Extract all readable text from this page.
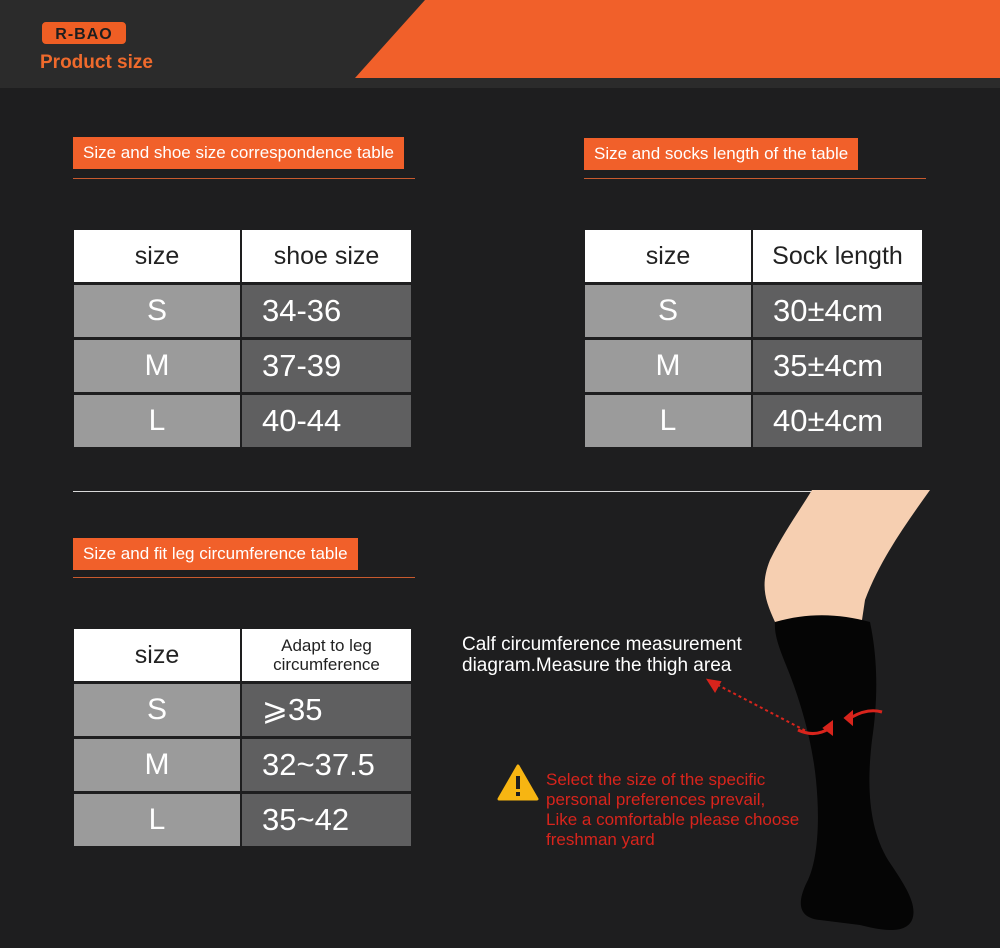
R-BAO
Product size
Size and shoe size correspondence table	Size and socks length of the table
Size and fit leg circumference table
size	shoe size
S	34-36
M	37-39
L	40-44
size	Sock length
S	30±4cm
M	35±4cm
L	40±4cm
size	Adapt to leg circumference
S	⩾35
M	32~37.5
L	35~42
Calf circumference measurement
diagram.Measure the thigh area
Select the size of the specific
personal preferences prevail,
Like a comfortable please choose
freshman yard
